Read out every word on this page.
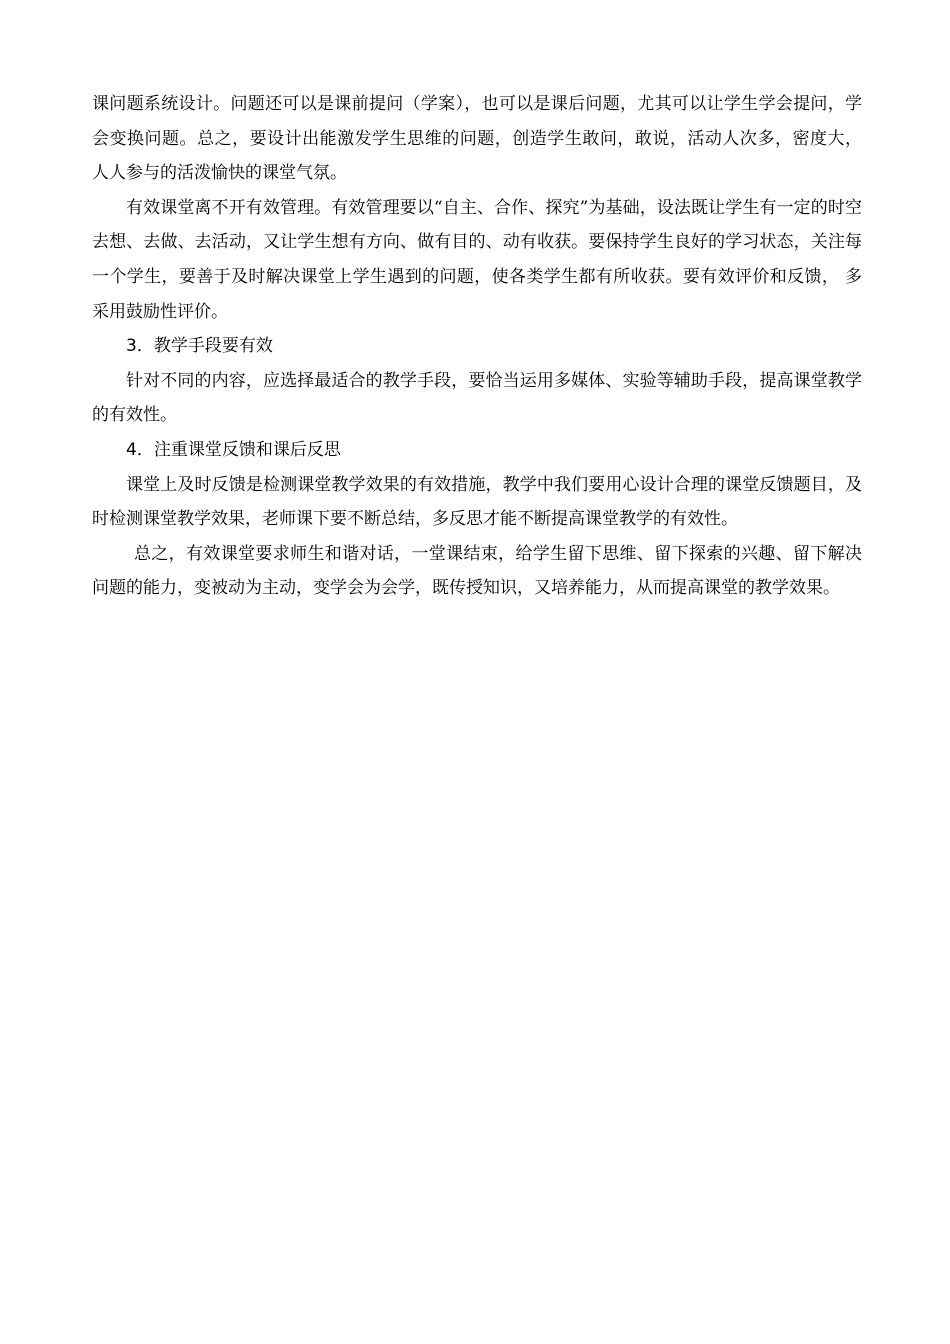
课问题系统设计。问题还可以是课前提问（学案），也可以是课后问题，尤其可以让学生学会提问，学会变换问题。总之，要设计出能激发学生思维的问题，创造学生敢问，敢说，活动人次多，密度大， 人人参与的活泼愉快的课堂气氛。

有效课堂离不开有效管理。有效管理要以“自主、合作、探究”为基础，设法既让学生有一定的时空去想、去做、去活动，又让学生想有方向、做有目的、动有收获。要保持学生良好的学习状态，关注每一个学生，要善于及时解决课堂上学生遇到的问题，使各类学生都有所收获。要有效评价和反馈， 多采用鼓励性评价。

3．教学手段要有效

针对不同的内容，应选择最适合的教学手段，要恰当运用多媒体、实验等辅助手段，提高课堂教学的有效性。

4．注重课堂反馈和课后反思

课堂上及时反馈是检测课堂教学效果的有效措施，教学中我们要用心设计合理的课堂反馈题目，及时检测课堂教学效果，老师课下要不断总结，多反思才能不断提高课堂教学的有效性。

总之，有效课堂要求师生和谐对话，一堂课结束，给学生留下思维、留下探索的兴趣、留下解决问题的能力，变被动为主动，变学会为会学，既传授知识，又培养能力，从而提高课堂的教学效果。
